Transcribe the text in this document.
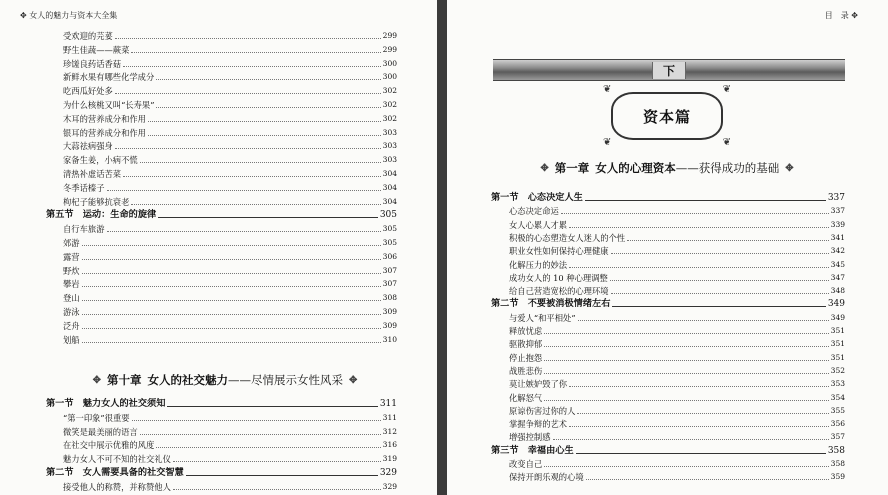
✥ 女人的魅力与资本大全集
受欢迎的芫荽	299
野生佳蔬——蕨菜	299
珍馐良药话香菇	300
新鲜水果有哪些化学成分	300
吃西瓜好处多	302
为什么核桃又叫“长寿果”	302
木耳的营养成分和作用	302
银耳的营养成分和作用	303
大蒜祛病强身	303
家备生姜，小病不慌	303
清热补虚话苦菜	304
冬季话榛子	304
枸杞子能够抗衰老	304
第五节　运动：生命的旋律	305
自行车旅游	305
郊游	305
露营	306
野炊	307
攀岩	307
登山	308
游泳	309
泛舟	309
划船	310
✥ 第十章 女人的社交魅力 ——尽情展示女性风采 ✥
第一节　魅力女人的社交须知	311
“第一印象”很重要	311
微笑是最美丽的语言	312
在社交中展示优雅的风度	316
魅力女人不可不知的社交礼仪	319
第二节　女人需要具备的社交智慧	329
接受他人的称赞，并称赞他人	329
目　录 ✥
下
❦	❦
❦	❦
资本篇
✥ 第一章 女人的心理资本 ——获得成功的基础 ✥
第一节　心态决定人生	337
心态决定命运	337
女人心累人才累	339
积极的心态塑造女人迷人的个性	341
职业女性如何保持心理健康	342
化解压力的妙法	345
成功女人的 10 种心理调整	347
给自己营造宽松的心理环境	348
第二节　不要被消极情绪左右	349
与爱人“和平相处”	349
释放忧虑	351
驱散抑郁	351
停止抱怨	351
战胜悲伤	352
莫让嫉妒毁了你	353
化解怒气	354
原谅伤害过你的人	355
掌握争辩的艺术	356
增强控制感	357
第三节　幸福由心生	358
改变自己	358
保持开朗乐观的心境	359
